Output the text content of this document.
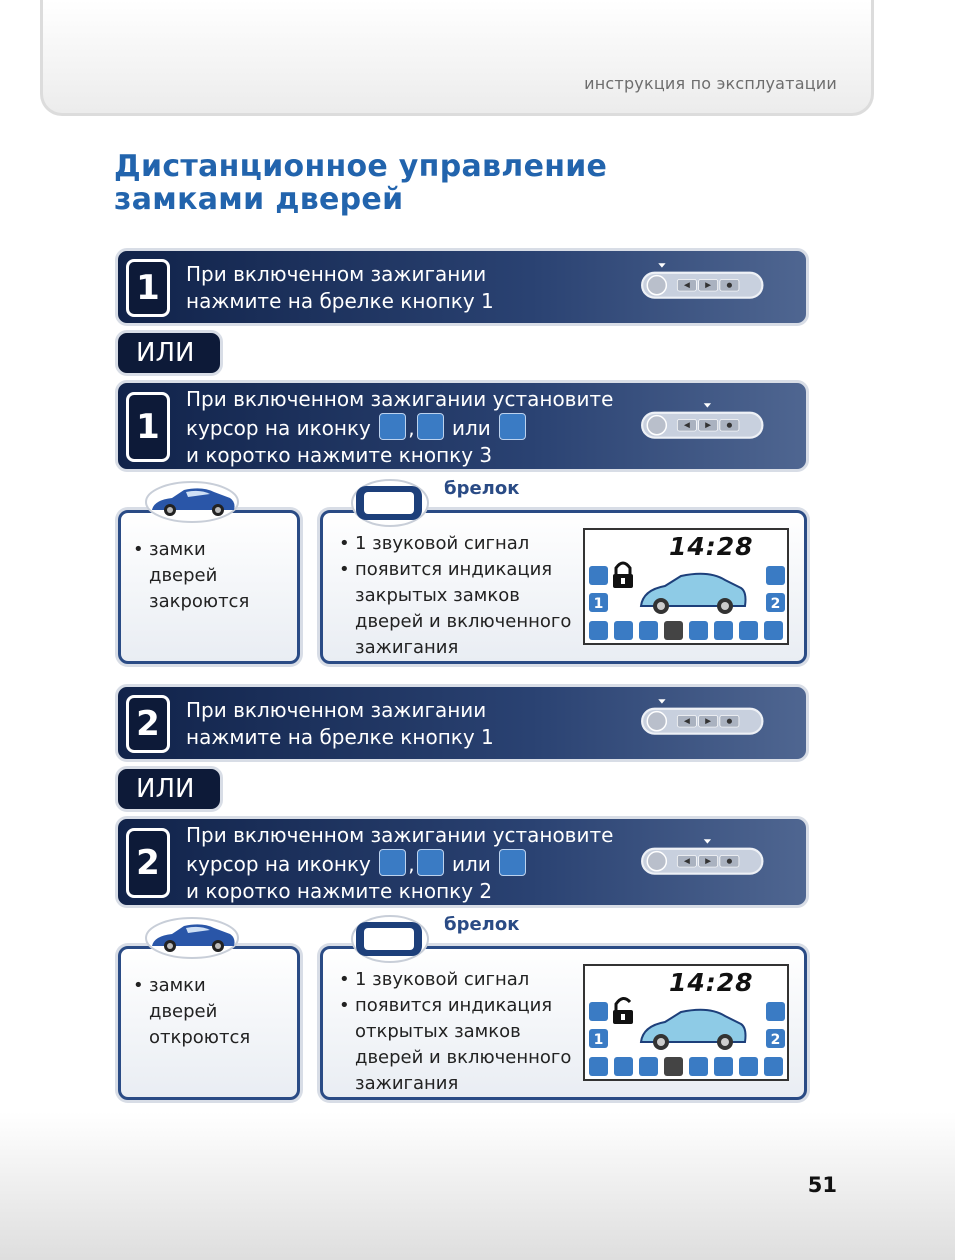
инструкция по эксплуатации
Дистанционное управление
замками дверей
1	При включенном зажигании
нажмите на брелке кнопку 1
ИЛИ
1
При включенном зажигании установите
курсор на иконку , или
и коротко нажмите кнопку 3
• замки
дверей
закроются
• 1 звуковой сигнал
• появится индикация
закрытых замков
дверей и включенного
зажигания
брелок
14:28
1	2
2	При включенном зажигании
нажмите на брелке кнопку 1
ИЛИ
2
При включенном зажигании установите
курсор на иконку , или
и коротко нажмите кнопку 2
• замки
дверей
откроются
• 1 звуковой сигнал
• появится индикация
открытых замков
дверей и включенного
зажигания
брелок
14:28
1	2
51
